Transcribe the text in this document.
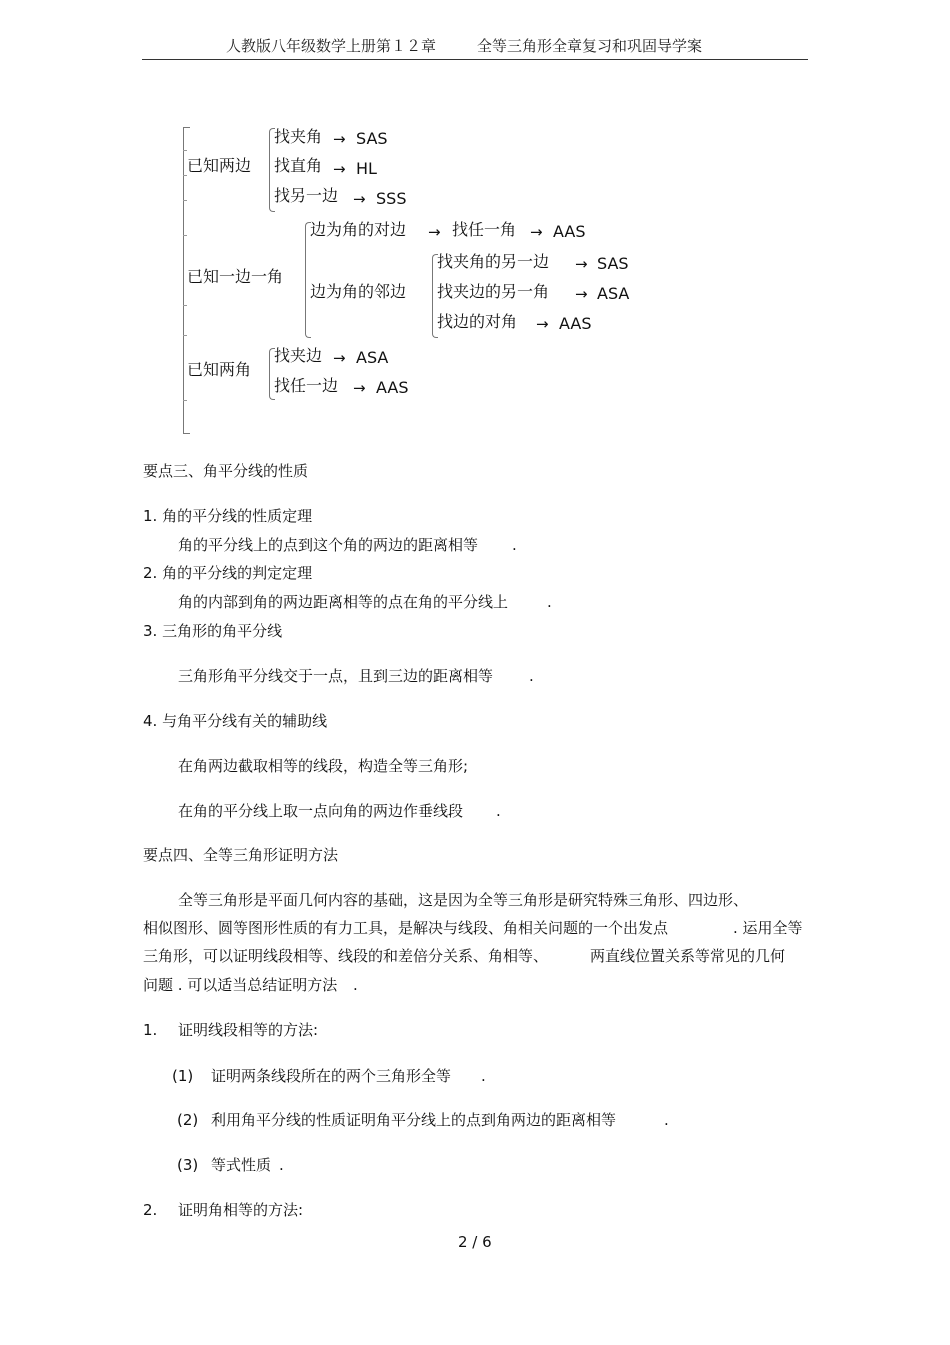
人教版八年级数学上册第１２章	全等三角形全章复习和巩固导学案
已知两边
找夹角 → SAS
找直角 → HL
找另一边 → SSS
已知一边一角
边为角的对边 → 找任一角 → AAS
边为角的邻边
找夹角的另一边 → SAS
找夹边的另一角 → ASA
找边的对角 → AAS
已知两角
找夹边 → ASA
找任一边 → AAS
要点三、角平分线的性质
1. 角的平分线的性质定理
角的平分线上的点到这个角的两边的距离相等 .
2. 角的平分线的判定定理
角的内部到角的两边距离相等的点在角的平分线上	.
3. 三角形的角平分线
三角形角平分线交于一点，且到三边的距离相等 .
4. 与角平分线有关的辅助线
在角两边截取相等的线段，构造全等三角形;
在角的平分线上取一点向角的两边作垂线段 .
要点四、全等三角形证明方法
全等三角形是平面几何内容的基础，这是因为全等三角形是研究特殊三角形、四边形、
相似图形、圆等图形性质的有力工具，是解决与线段、角相关问题的一个出发点	. 运用全等
三角形，可以证明线段相等、线段的和差倍分关系、角相等、	两直线位置关系等常见的几何
问题 . 可以适当总结证明方法 .
1. 证明线段相等的方法:
(1) 证明两条线段所在的两个三角形全等 .
(2) 利用角平分线的性质证明角平分线上的点到角两边的距离相等	.
(3) 等式性质 .
2. 证明角相等的方法:
2 / 6
